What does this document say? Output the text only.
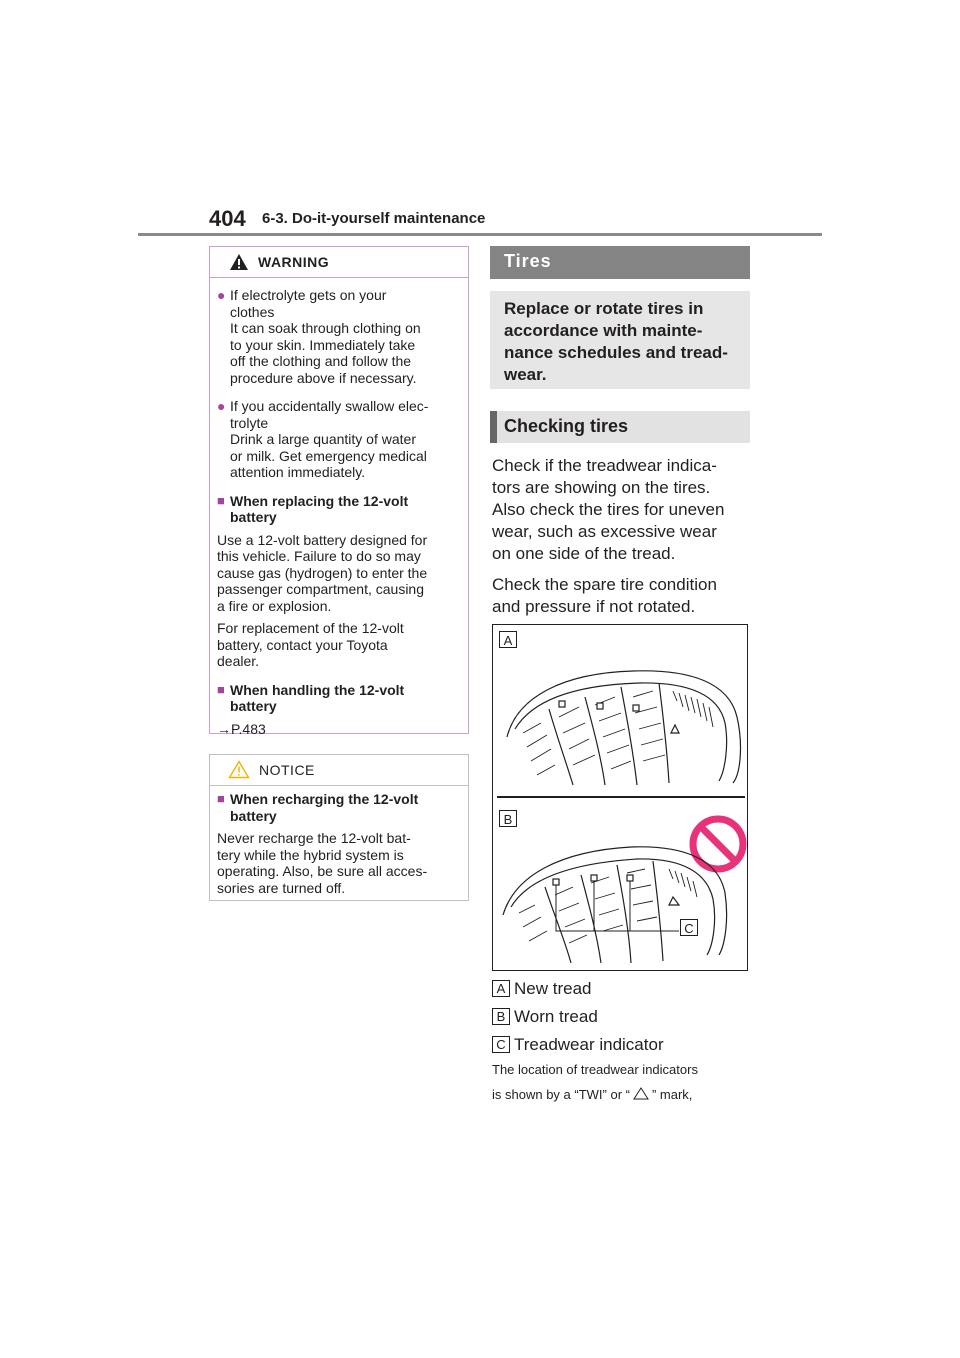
404 6-3. Do-it-yourself maintenance
WARNING
● If electrolyte gets on your
clothes
It can soak through clothing on
to your skin. Immediately take
off the clothing and follow the
procedure above if necessary.
● If you accidentally swallow elec-
trolyte
Drink a large quantity of water
or milk. Get emergency medical
attention immediately.
■ When replacing the 12-volt
battery
Use a 12-volt battery designed for
this vehicle. Failure to do so may
cause gas (hydrogen) to enter the
passenger compartment, causing
a fire or explosion.
For replacement of the 12-volt
battery, contact your Toyota
dealer.
■ When handling the 12-volt
battery
→P.483
NOTICE
■ When recharging the 12-volt
battery
Never recharge the 12-volt bat-
tery while the hybrid system is
operating. Also, be sure all acces-
sories are turned off.
Tires
Replace or rotate tires in
accordance with mainte-
nance schedules and tread-
wear.
Checking tires

Check if the treadwear indica-
tors are showing on the tires.
Also check the tires for uneven
wear, such as excessive wear
on one side of the tread.

Check the spare tire condition
and pressure if not rotated.

A
B
C
A New tread
B Worn tread
C Treadwear indicator
The location of treadwear indicators
is shown by a “TWI” or “ ” mark,
